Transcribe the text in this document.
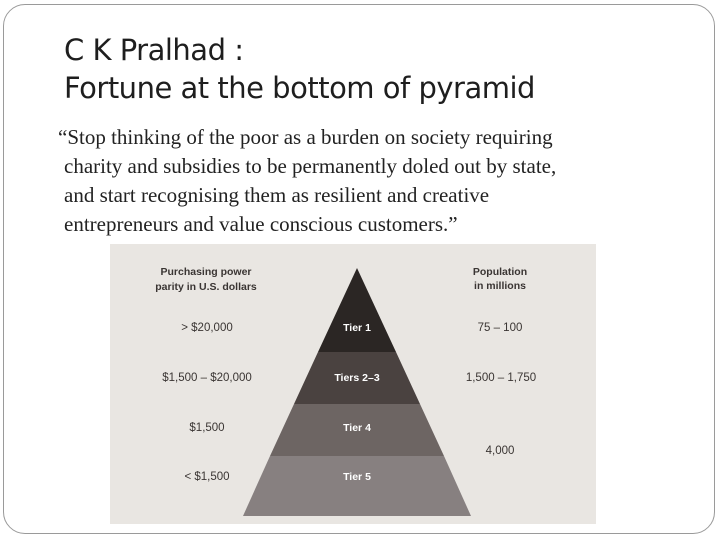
C K Pralhad :
Fortune at the bottom of pyramid
“Stop thinking of the poor as a burden on society requiring
charity and subsidies to be permanently doled out by state,
and start recognising them as resilient and creative
entrepreneurs and value conscious customers.”
Purchasing power
parity in U.S. dollars
Population
in millions
Tier 1
Tiers 2–3
Tier 4
Tier 5
> $20,000
$1,500 – $20,000
$1,500
< $1,500
75 – 100
1,500 – 1,750
4,000
